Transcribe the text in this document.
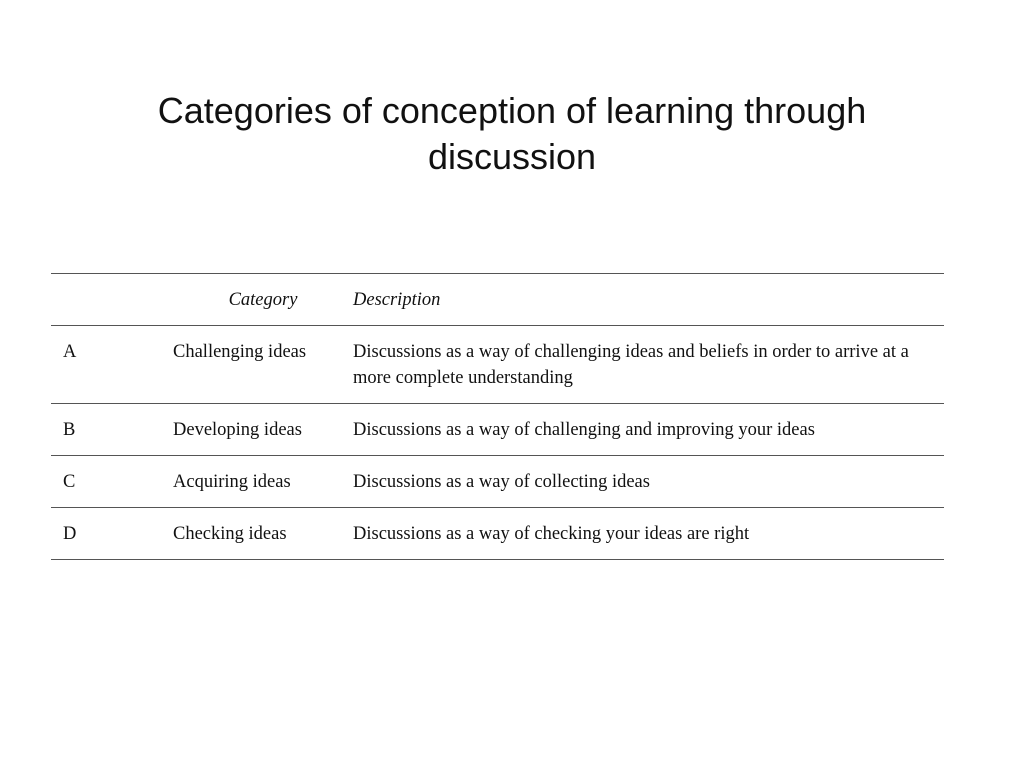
Categories of conception of learning through discussion
	Category	Description
A	Challenging ideas	Discussions as a way of challenging ideas and beliefs in order to arrive at a more complete understanding
B	Developing ideas	Discussions as a way of challenging and improving your ideas
C	Acquiring ideas	Discussions as a way of collecting ideas
D	Checking ideas	Discussions as a way of checking your ideas are right
